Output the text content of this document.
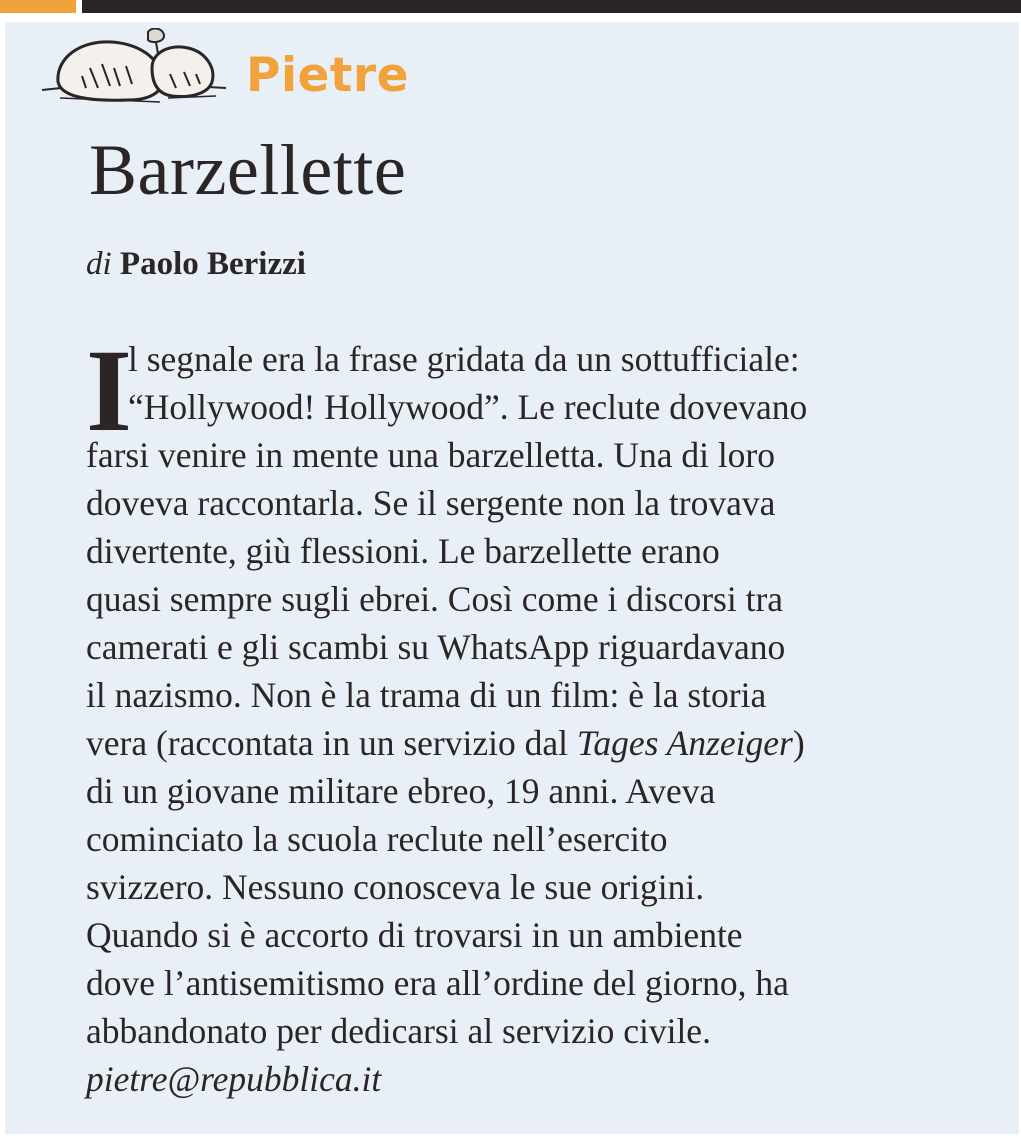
Pietre
Barzellette
di Paolo Berizzi
I
l segnale era la frase gridata da un sottufficiale:
“Hollywood! Hollywood”. Le reclute dovevano
farsi venire in mente una barzelletta. Una di loro
doveva raccontarla. Se il sergente non la trovava
divertente, giù flessioni. Le barzellette erano
quasi sempre sugli ebrei. Così come i discorsi tra
camerati e gli scambi su WhatsApp riguardavano
il nazismo. Non è la trama di un film: è la storia
vera (raccontata in un servizio dal Tages Anzeiger)
di un giovane militare ebreo, 19 anni. Aveva
cominciato la scuola reclute nell’esercito
svizzero. Nessuno conosceva le sue origini.
Quando si è accorto di trovarsi in un ambiente
dove l’antisemitismo era all’ordine del giorno, ha
abbandonato per dedicarsi al servizio civile.
pietre@repubblica.it
